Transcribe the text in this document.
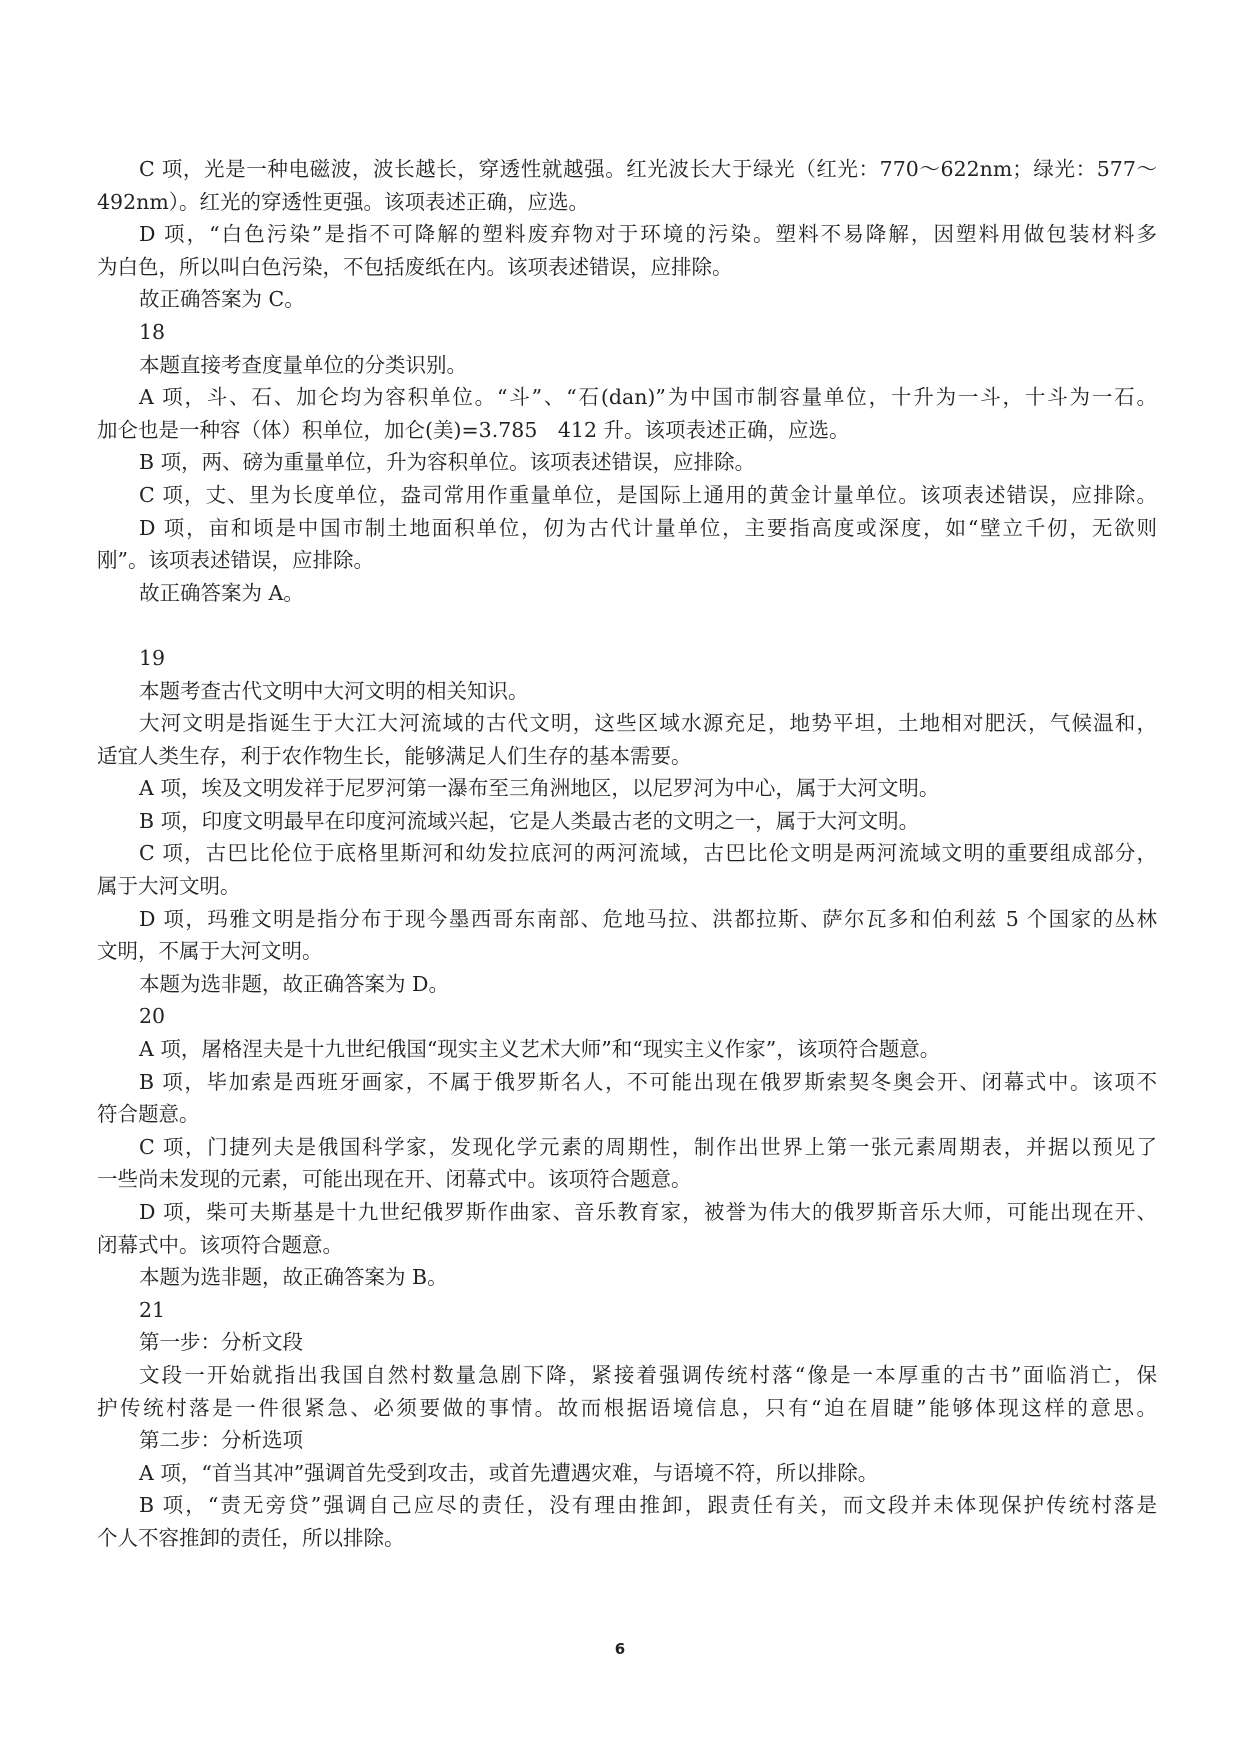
C 项，光是一种电磁波，波长越长，穿透性就越强。红光波长大于绿光（红光：770～622nm；绿光：577～
492nm）。红光的穿透性更强。该项表述正确，应选。
D 项，“白色污染”是指不可降解的塑料废弃物对于环境的污染。塑料不易降解，因塑料用做包装材料多
为白色，所以叫白色污染，不包括废纸在内。该项表述错误，应排除。
故正确答案为 C。
18
本题直接考查度量单位的分类识别。
A 项，斗、石、加仑均为容积单位。“斗”、“石(dan)”为中国市制容量单位，十升为一斗，十斗为一石。
加仑也是一种容（体）积单位，加仑(美)=3.785　412 升。该项表述正确，应选。
B 项，两、磅为重量单位，升为容积单位。该项表述错误，应排除。
C 项，丈、里为长度单位，盎司常用作重量单位，是国际上通用的黄金计量单位。该项表述错误，应排除。
D 项，亩和顷是中国市制土地面积单位，仞为古代计量单位，主要指高度或深度，如“壁立千仞，无欲则
刚”。该项表述错误，应排除。
故正确答案为 A。
19
本题考查古代文明中大河文明的相关知识。
大河文明是指诞生于大江大河流域的古代文明，这些区域水源充足，地势平坦，土地相对肥沃，气候温和，
适宜人类生存，利于农作物生长，能够满足人们生存的基本需要。
A 项，埃及文明发祥于尼罗河第一瀑布至三角洲地区，以尼罗河为中心，属于大河文明。
B 项，印度文明最早在印度河流域兴起，它是人类最古老的文明之一，属于大河文明。
C 项，古巴比伦位于底格里斯河和幼发拉底河的两河流域，古巴比伦文明是两河流域文明的重要组成部分，
属于大河文明。
D 项，玛雅文明是指分布于现今墨西哥东南部、危地马拉、洪都拉斯、萨尔瓦多和伯利兹 5 个国家的丛林
文明，不属于大河文明。
本题为选非题，故正确答案为 D。
20
A 项，屠格涅夫是十九世纪俄国“现实主义艺术大师”和“现实主义作家”，该项符合题意。
B 项，毕加索是西班牙画家，不属于俄罗斯名人，不可能出现在俄罗斯索契冬奥会开、闭幕式中。该项不
符合题意。
C 项，门捷列夫是俄国科学家，发现化学元素的周期性，制作出世界上第一张元素周期表，并据以预见了
一些尚未发现的元素，可能出现在开、闭幕式中。该项符合题意。
D 项，柴可夫斯基是十九世纪俄罗斯作曲家、音乐教育家，被誉为伟大的俄罗斯音乐大师，可能出现在开、
闭幕式中。该项符合题意。
本题为选非题，故正确答案为 B。
21
第一步：分析文段
文段一开始就指出我国自然村数量急剧下降，紧接着强调传统村落“像是一本厚重的古书”面临消亡，保
护传统村落是一件很紧急、必须要做的事情。故而根据语境信息，只有“迫在眉睫”能够体现这样的意思。
第二步：分析选项
A 项，“首当其冲”强调首先受到攻击，或首先遭遇灾难，与语境不符，所以排除。
B 项，“责无旁贷”强调自己应尽的责任，没有理由推卸，跟责任有关，而文段并未体现保护传统村落是
个人不容推卸的责任，所以排除。
6
